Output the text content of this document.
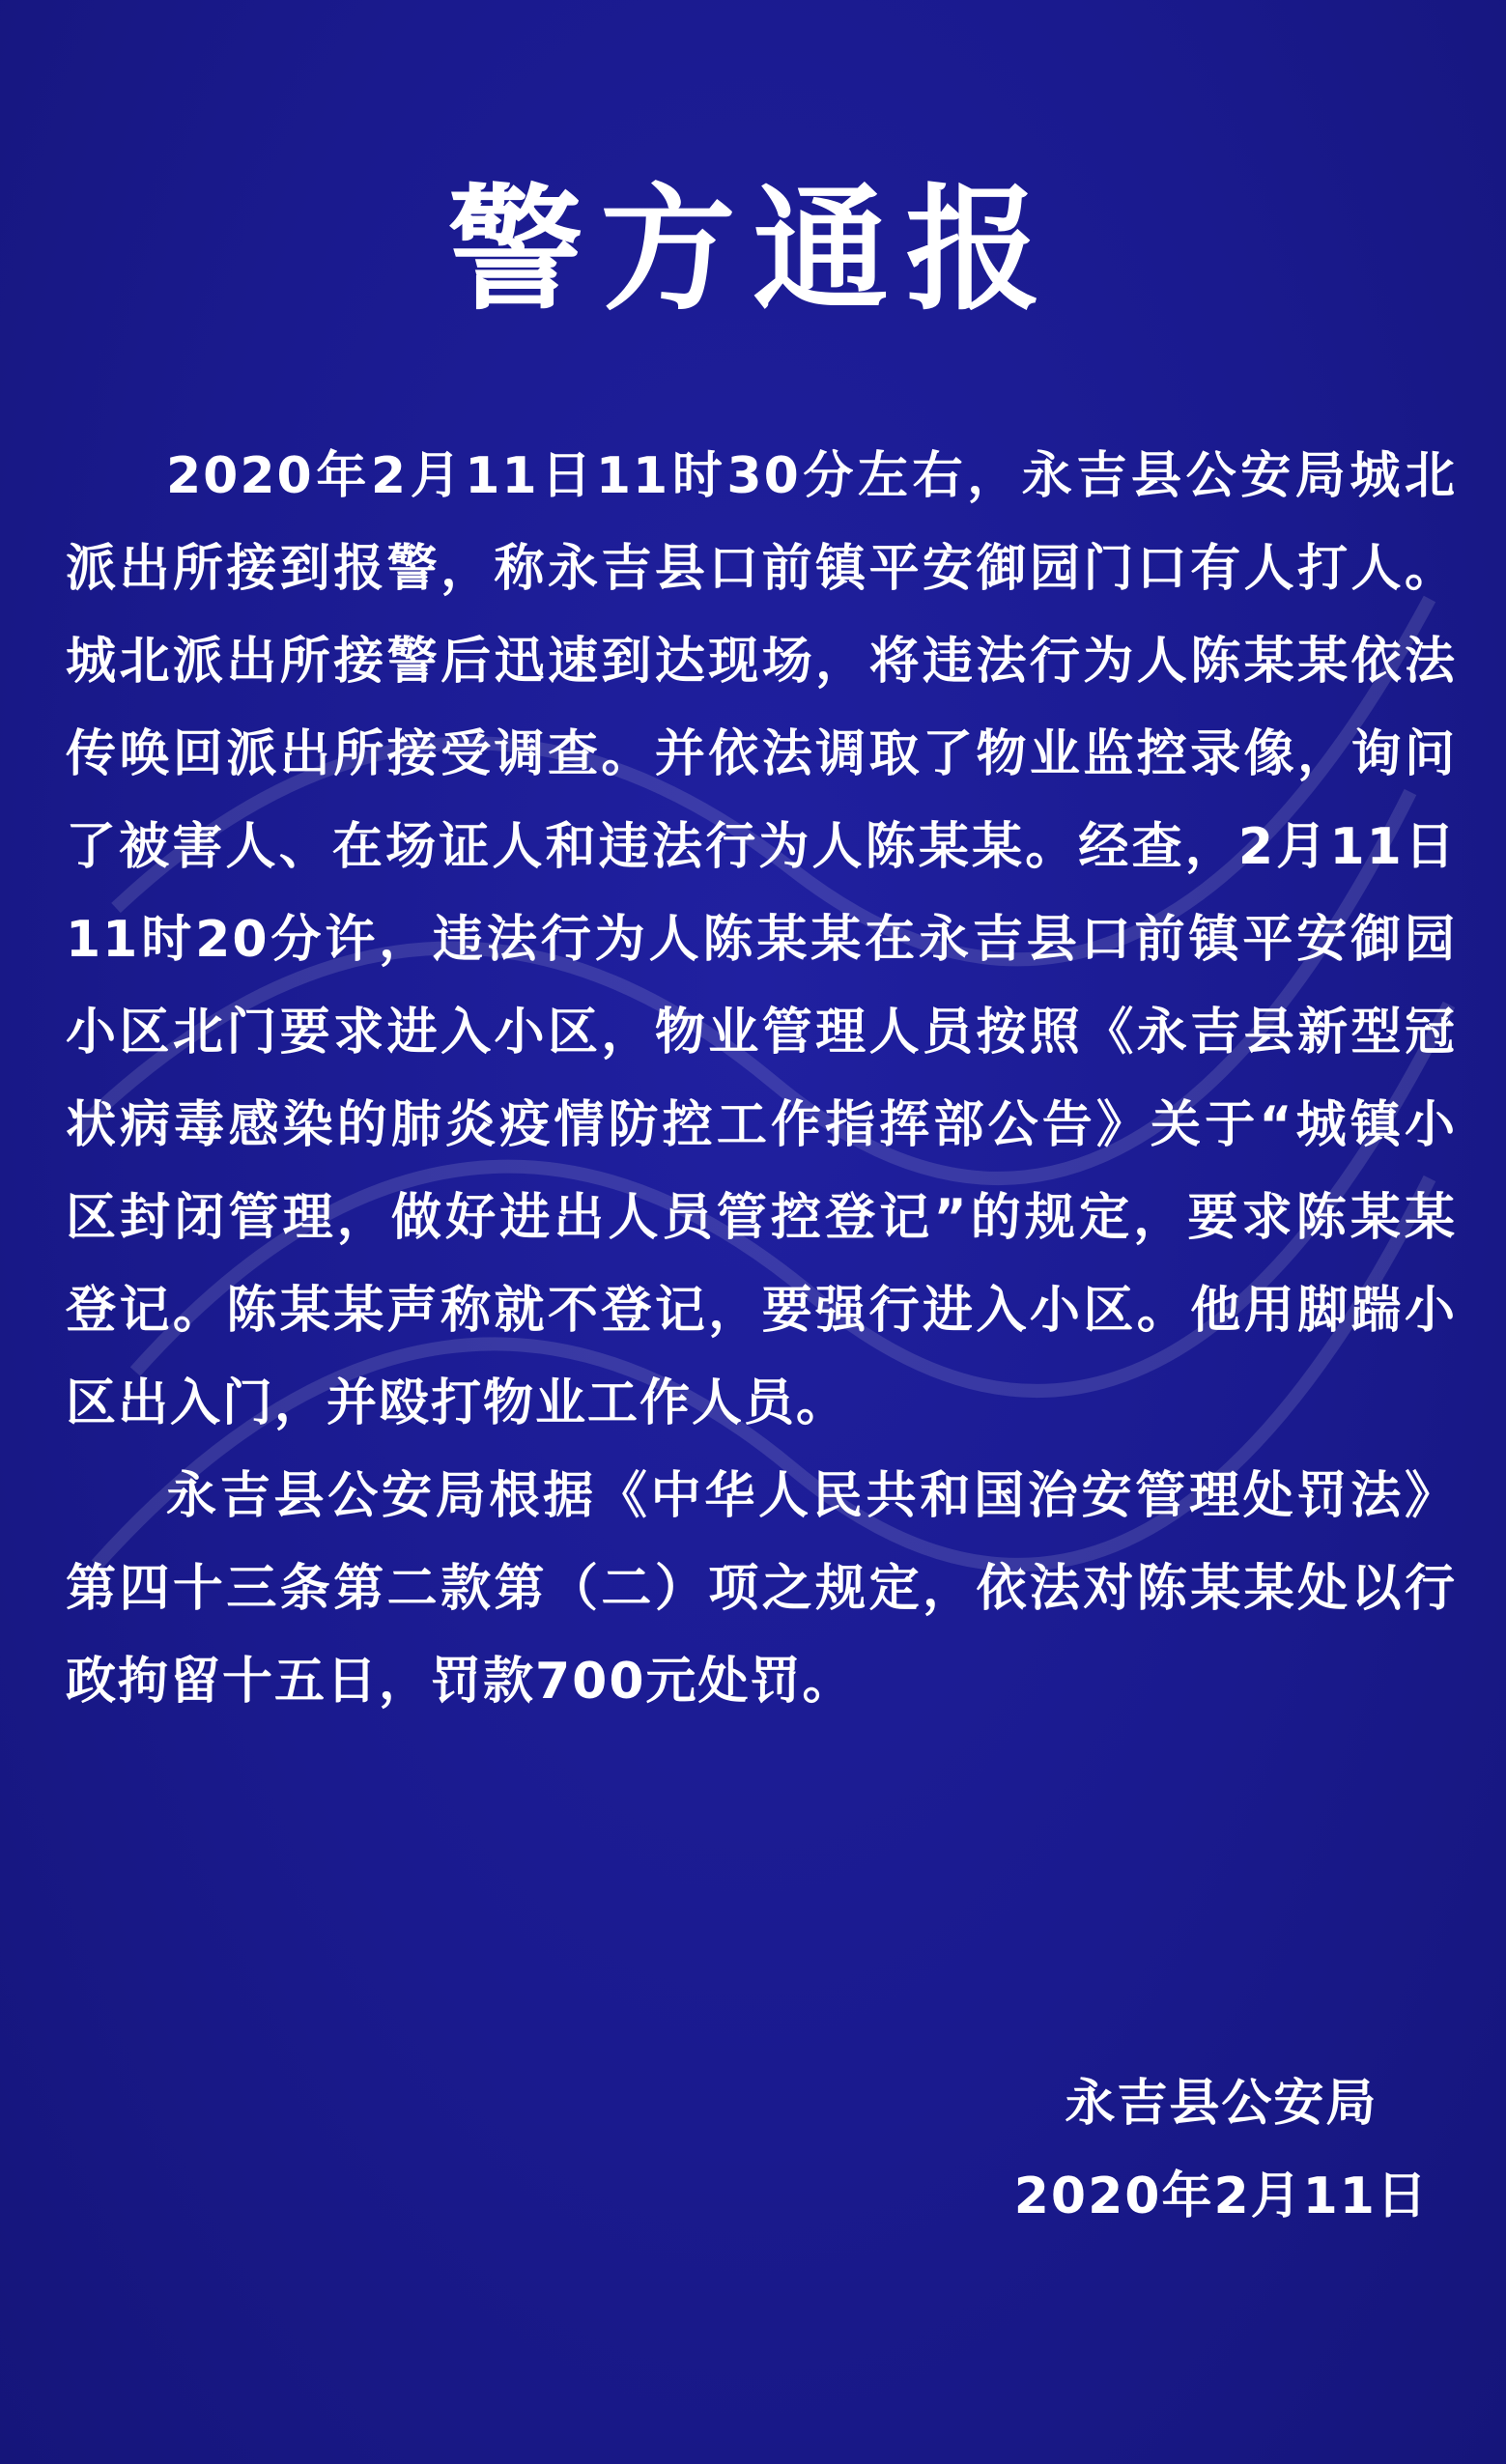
警方通报

2020年2月11日11时30分左右，永吉县公安局城北派出所接到报警，称永吉县口前镇平安御园门口有人打人。城北派出所接警后迅速到达现场，将违法行为人陈某某依法传唤回派出所接受调查。并依法调取了物业监控录像，询问了被害人、在场证人和违法行为人陈某某。经查，2月11日11时20分许，违法行为人陈某某在永吉县口前镇平安御园小区北门要求进入小区，物业管理人员按照《永吉县新型冠状病毒感染的肺炎疫情防控工作指挥部公告》关于“城镇小区封闭管理，做好进出人员管控登记”的规定，要求陈某某登记。陈某某声称就不登记，要强行进入小区。他用脚踹小区出入门，并殴打物业工作人员。

永吉县公安局根据《中华人民共和国治安管理处罚法》第四十三条第二款第（二）项之规定，依法对陈某某处以行政拘留十五日，罚款700元处罚。

永吉县公安局
2020年2月11日
